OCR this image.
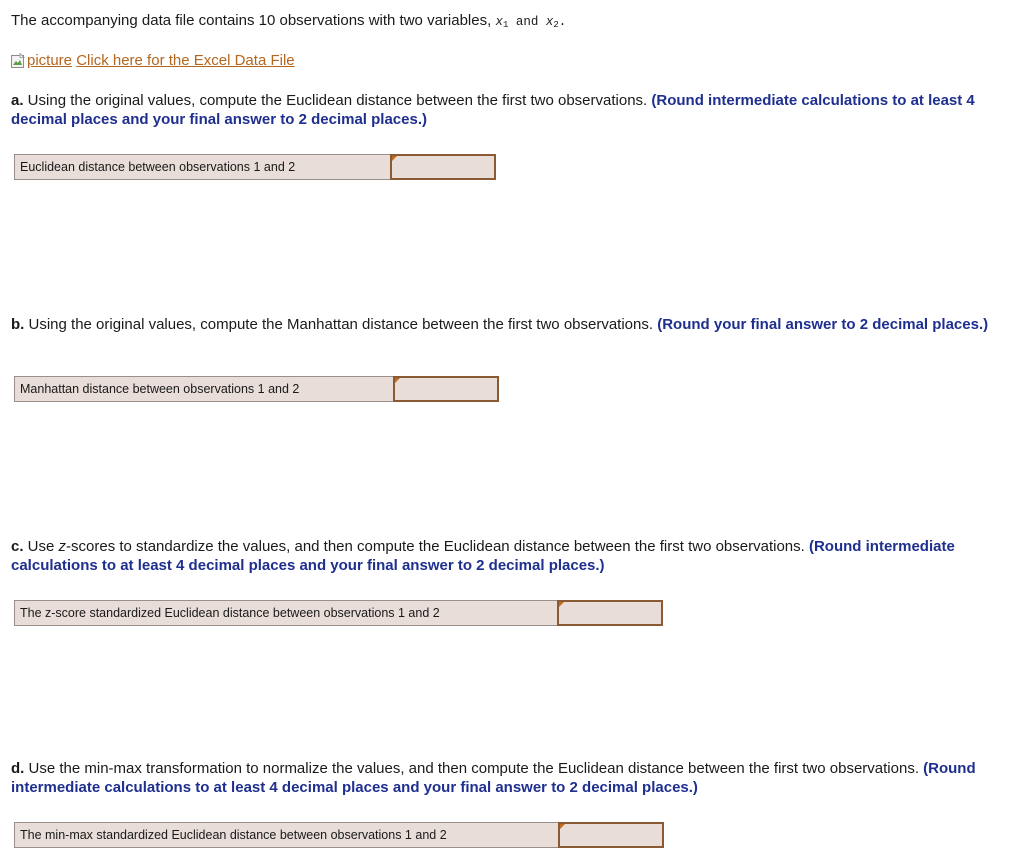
The accompanying data file contains 10 observations with two variables, $x_1$ and $x_2$.
picture
Click here for the Excel Data File
a. Using the original values, compute the Euclidean distance between the first two observations. (Round intermediate calculations to at least 4 decimal places and your final answer to 2 decimal places.)
Euclidean distance between observations 1 and 2
b. Using the original values, compute the Manhattan distance between the first two observations. (Round your final answer to 2 decimal places.)
Manhattan distance between observations 1 and 2
c. Use z-scores to standardize the values, and then compute the Euclidean distance between the first two observations. (Round intermediate calculations to at least 4 decimal places and your final answer to 2 decimal places.)
The z-score standardized Euclidean distance between observations 1 and 2
d. Use the min-max transformation to normalize the values, and then compute the Euclidean distance between the first two observations. (Round intermediate calculations to at least 4 decimal places and your final answer to 2 decimal places.)
The min-max standardized Euclidean distance between observations 1 and 2
